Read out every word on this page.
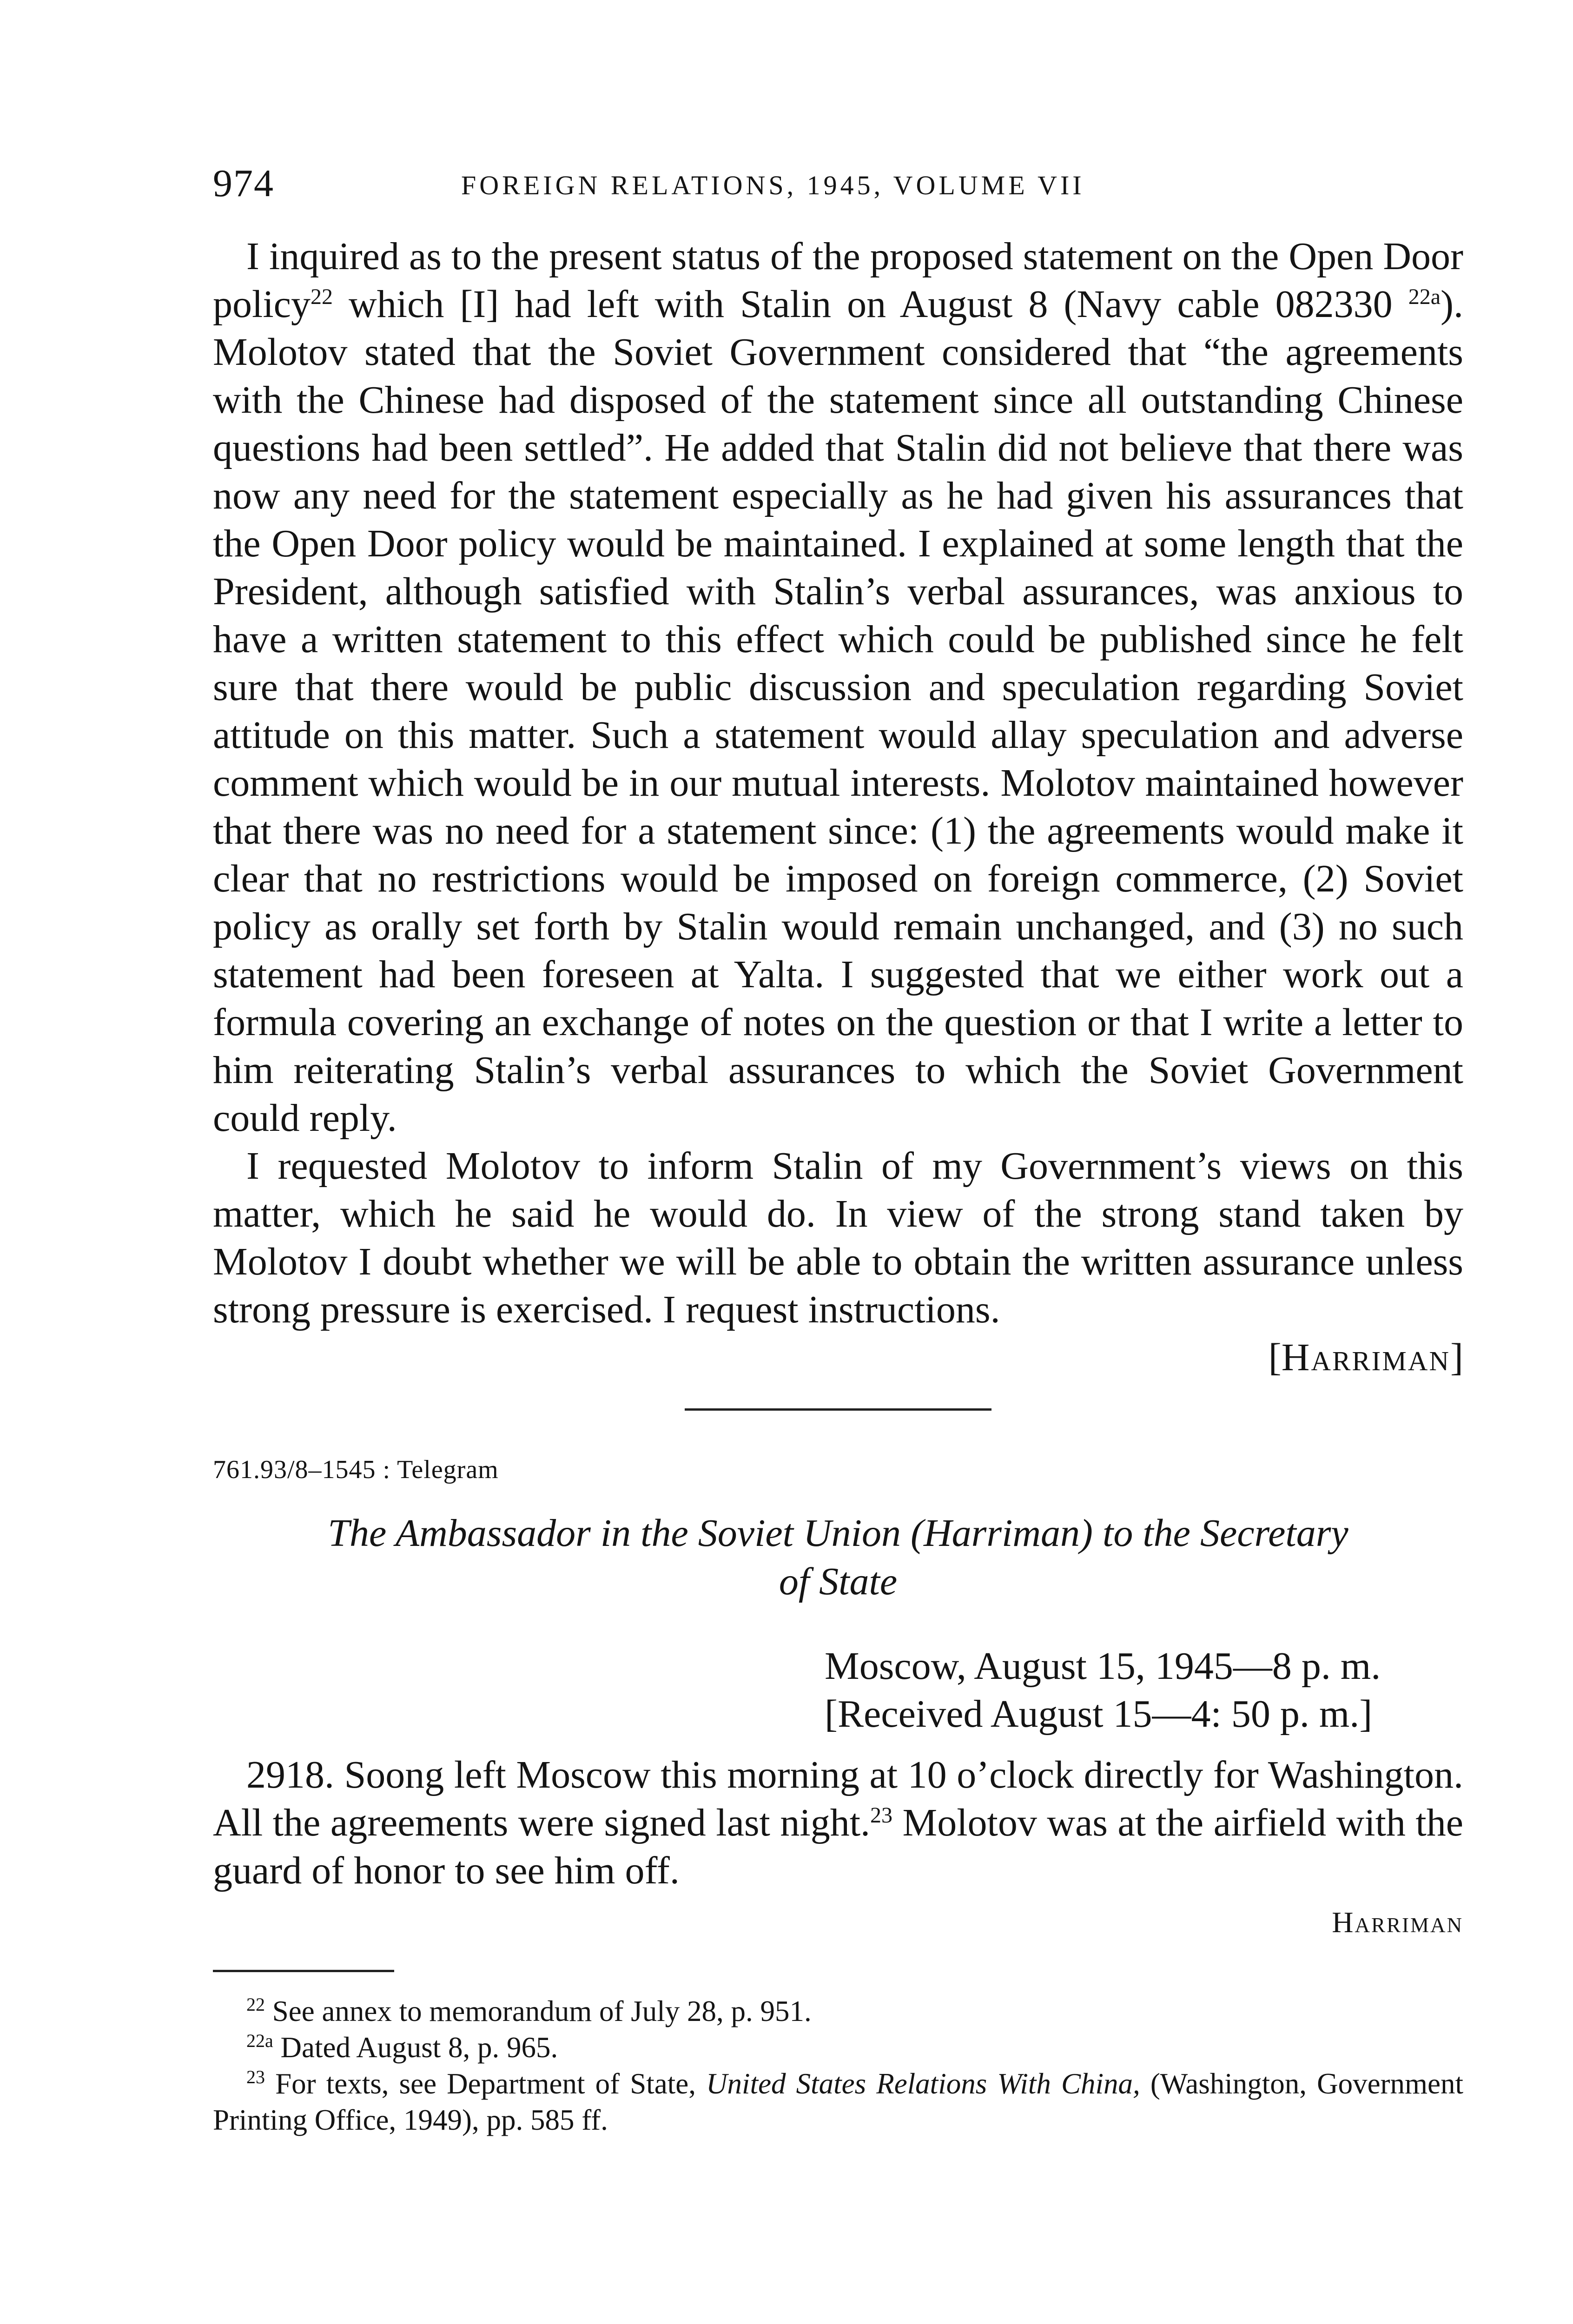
974	FOREIGN RELATIONS, 1945, VOLUME VII

I inquired as to the present status of the proposed statement on the Open Door policy$^{22}$ which [I] had left with Stalin on August 8 (Navy cable 082330 $^{22a}$). Molotov stated that the Soviet Government considered that “the agreements with the Chinese had disposed of the statement since all outstanding Chinese questions had been settled”. He added that Stalin did not believe that there was now any need for the statement especially as he had given his assurances that the Open Door policy would be maintained. I explained at some length that the President, although satisfied with Stalin’s verbal assurances, was anxious to have a written statement to this effect which could be published since he felt sure that there would be public discussion and speculation regarding Soviet attitude on this matter. Such a statement would allay speculation and adverse comment which would be in our mutual interests. Molotov maintained however that there was no need for a statement since: (1) the agreements would make it clear that no restrictions would be imposed on foreign commerce, (2) Soviet policy as orally set forth by Stalin would remain unchanged, and (3) no such statement had been foreseen at Yalta. I suggested that we either work out a formula covering an exchange of notes on the question or that I write a letter to him reiterating Stalin’s verbal assurances to which the Soviet Government could reply.

I requested Molotov to inform Stalin of my Government’s views on this matter, which he said he would do. In view of the strong stand taken by Molotov I doubt whether we will be able to obtain the written assurance unless strong pressure is exercised. I request instructions.

[Harriman]
761.93/8–1545 : Telegram
The Ambassador in the Soviet Union (Harriman) to the Secretary
of State
Moscow, August 15, 1945—8 p. m.
[Received August 15—4: 50 p. m.]

2918. Soong left Moscow this morning at 10 o’clock directly for Washington. All the agreements were signed last night.$^{23}$ Molotov was at the airfield with the guard of honor to see him off.

Harriman
$^{22}$ See annex to memorandum of July 28, p. 951.
$^{22a}$ Dated August 8, p. 965.
$^{23}$ For texts, see Department of State, United States Relations With China, (Washington, Government Printing Office, 1949), pp. 585 ff.
